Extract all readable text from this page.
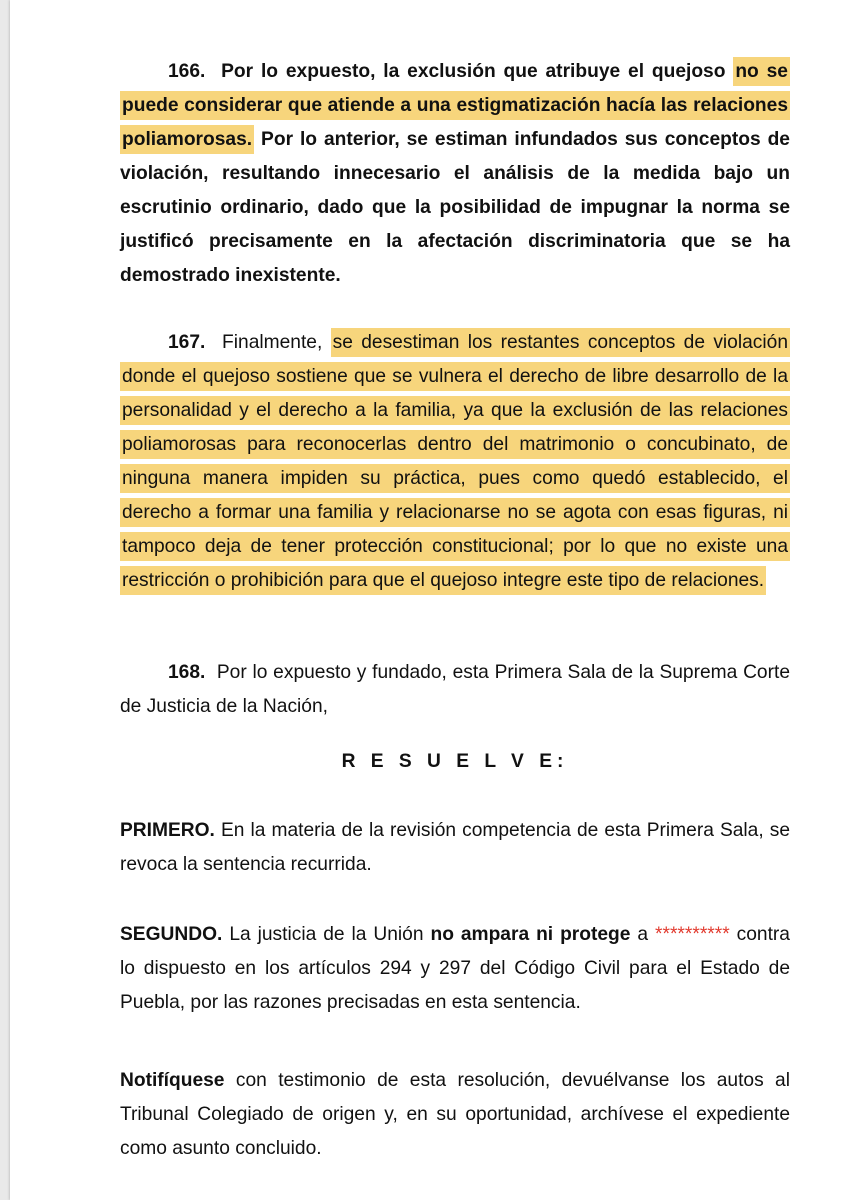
166. Por lo expuesto, la exclusión que atribuye el quejoso no se puede considerar que atiende a una estigmatización hacía las relaciones poliamorosas. Por lo anterior, se estiman infundados sus conceptos de violación, resultando innecesario el análisis de la medida bajo un escrutinio ordinario, dado que la posibilidad de impugnar la norma se justificó precisamente en la afectación discriminatoria que se ha demostrado inexistente.

167. Finalmente, se desestiman los restantes conceptos de violación donde el quejoso sostiene que se vulnera el derecho de libre desarrollo de la personalidad y el derecho a la familia, ya que la exclusión de las relaciones poliamorosas para reconocerlas dentro del matrimonio o concubinato, de ninguna manera impiden su práctica, pues como quedó establecido, el derecho a formar una familia y relacionarse no se agota con esas figuras, ni tampoco deja de tener protección constitucional; por lo que no existe una restricción o prohibición para que el quejoso integre este tipo de relaciones.

168. Por lo expuesto y fundado, esta Primera Sala de la Suprema Corte de Justicia de la Nación,

R E S U E L V E:

PRIMERO. En la materia de la revisión competencia de esta Primera Sala, se revoca la sentencia recurrida.

SEGUNDO. La justicia de la Unión no ampara ni protege a ********** contra lo dispuesto en los artículos 294 y 297 del Código Civil para el Estado de Puebla, por las razones precisadas en esta sentencia.

Notifíquese con testimonio de esta resolución, devuélvanse los autos al Tribunal Colegiado de origen y, en su oportunidad, archívese el expediente como asunto concluido.
